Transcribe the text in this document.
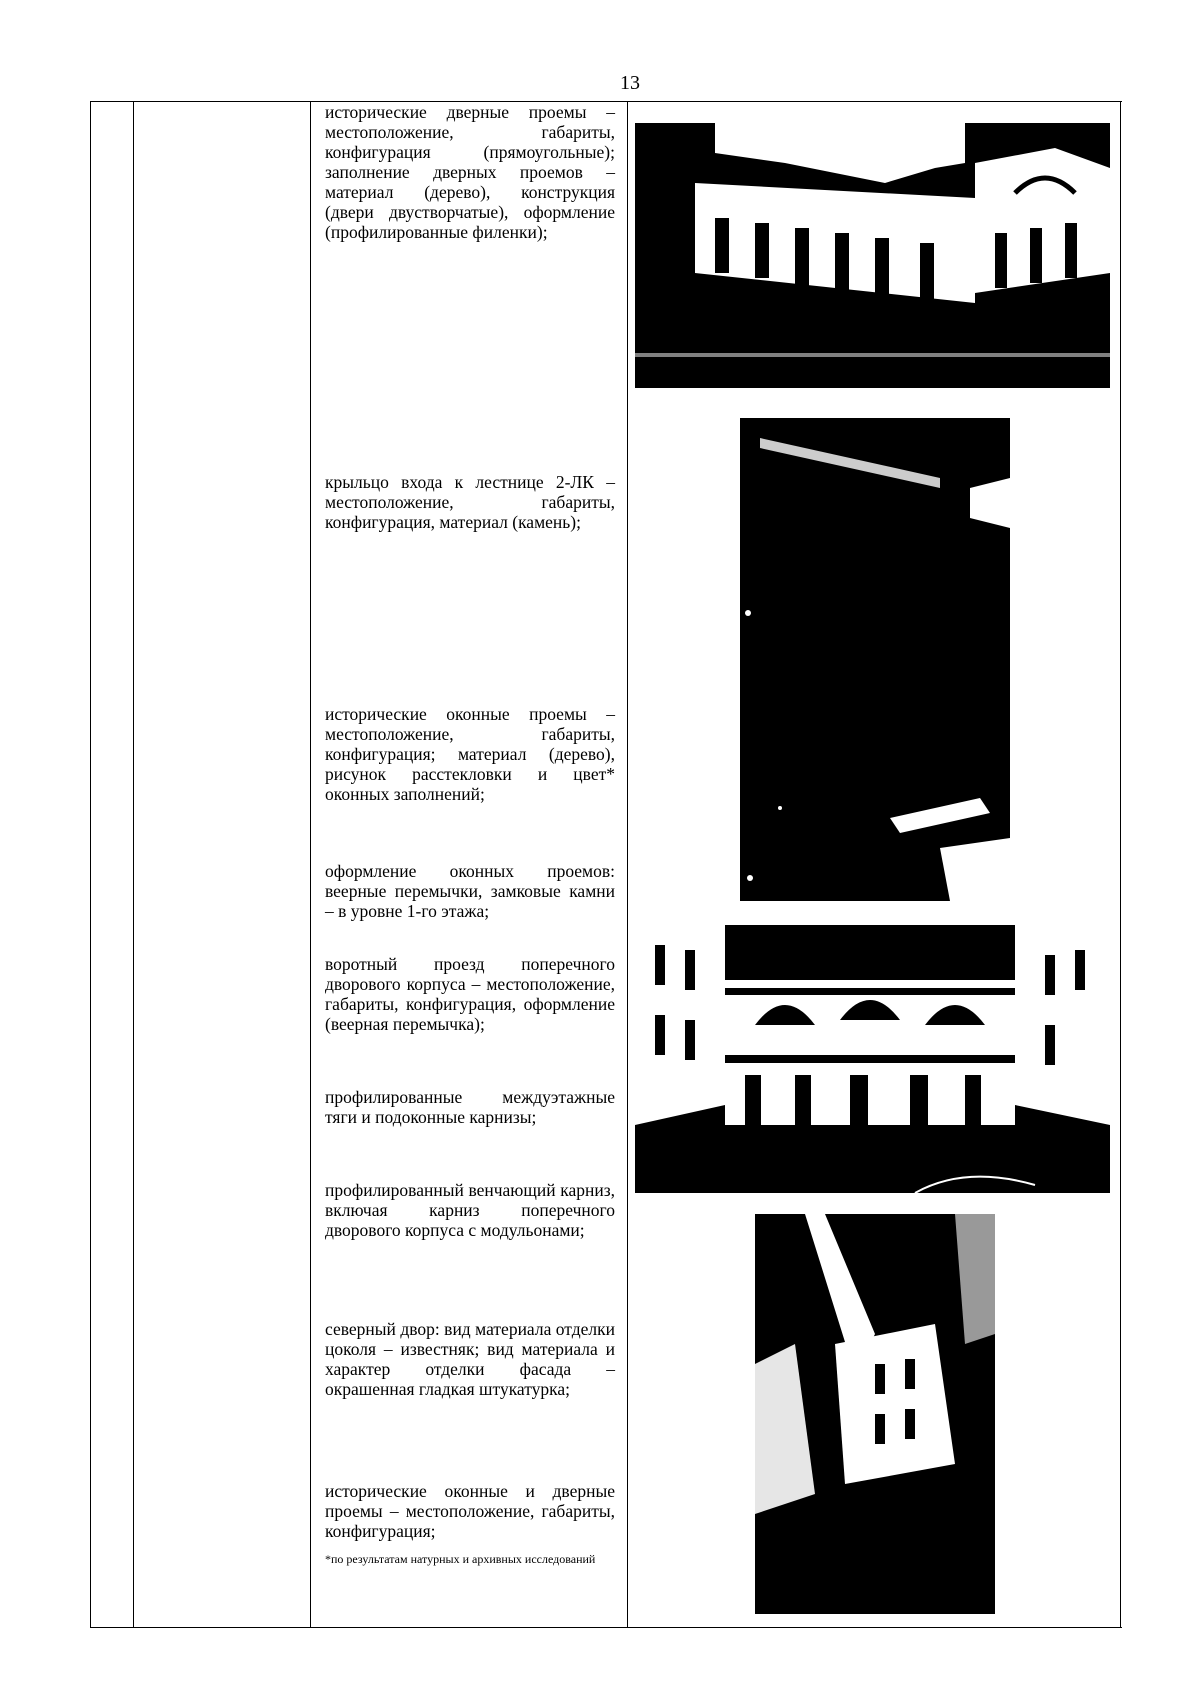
13
исторические дверные проемы – местоположение, габариты, конфигурация (прямоугольные); заполнение дверных проемов – материал (дерево), конструкция (двери двустворчатые), оформление (профилированные филенки);
крыльцо входа к лестнице 2-ЛК – местоположение, габариты, конфигурация, материал (камень);
исторические оконные проемы – местоположение, габариты, конфигурация; материал (дерево), рисунок расстекловки и цвет* оконных заполнений;
оформление оконных проемов: веерные перемычки, замковые камни – в уровне 1-го этажа;
воротный проезд поперечного дворового корпуса – местоположение, габариты, конфигурация, оформление (веерная перемычка);
профилированные междуэтажные тяги и подоконные карнизы;
профилированный венчающий карниз, включая карниз поперечного дворового корпуса с модульонами;
северный двор: вид материала отделки цоколя – известняк; вид материала и характер отделки фасада – окрашенная гладкая штукатурка;
исторические оконные и дверные проемы – местоположение, габариты, конфигурация;
*по результатам натурных и архивных исследований
